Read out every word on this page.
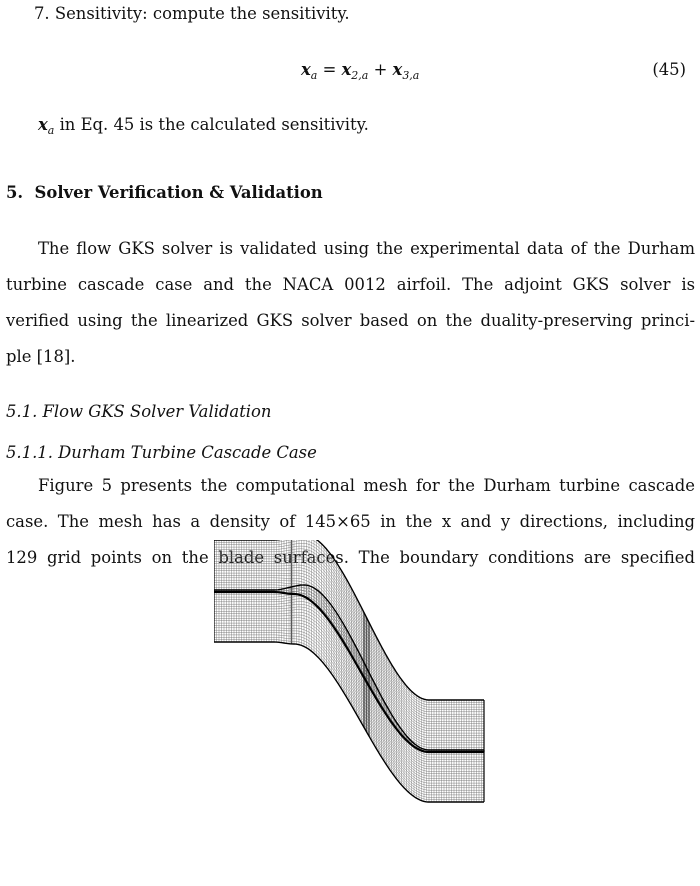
7. Sensitivity: compute the sensitivity.
$x_a = x_{2,a} + x_{3,a}$	(45)
$x_a$ in Eq. 45 is the calculated sensitivity.
5. Solver Verification & Validation
The flow GKS solver is validated using the experimental data of the Durham
turbine cascade case and the NACA 0012 airfoil. The adjoint GKS solver is
verified using the linearized GKS solver based on the duality-preserving princi-
ple [18].
5.1. Flow GKS Solver Validation
5.1.1. Durham Turbine Cascade Case
Figure 5 presents the computational mesh for the Durham turbine cascade
case. The mesh has a density of 145×65 in the x and y directions, including
129 grid points on the blade surfaces. The boundary conditions are specified
